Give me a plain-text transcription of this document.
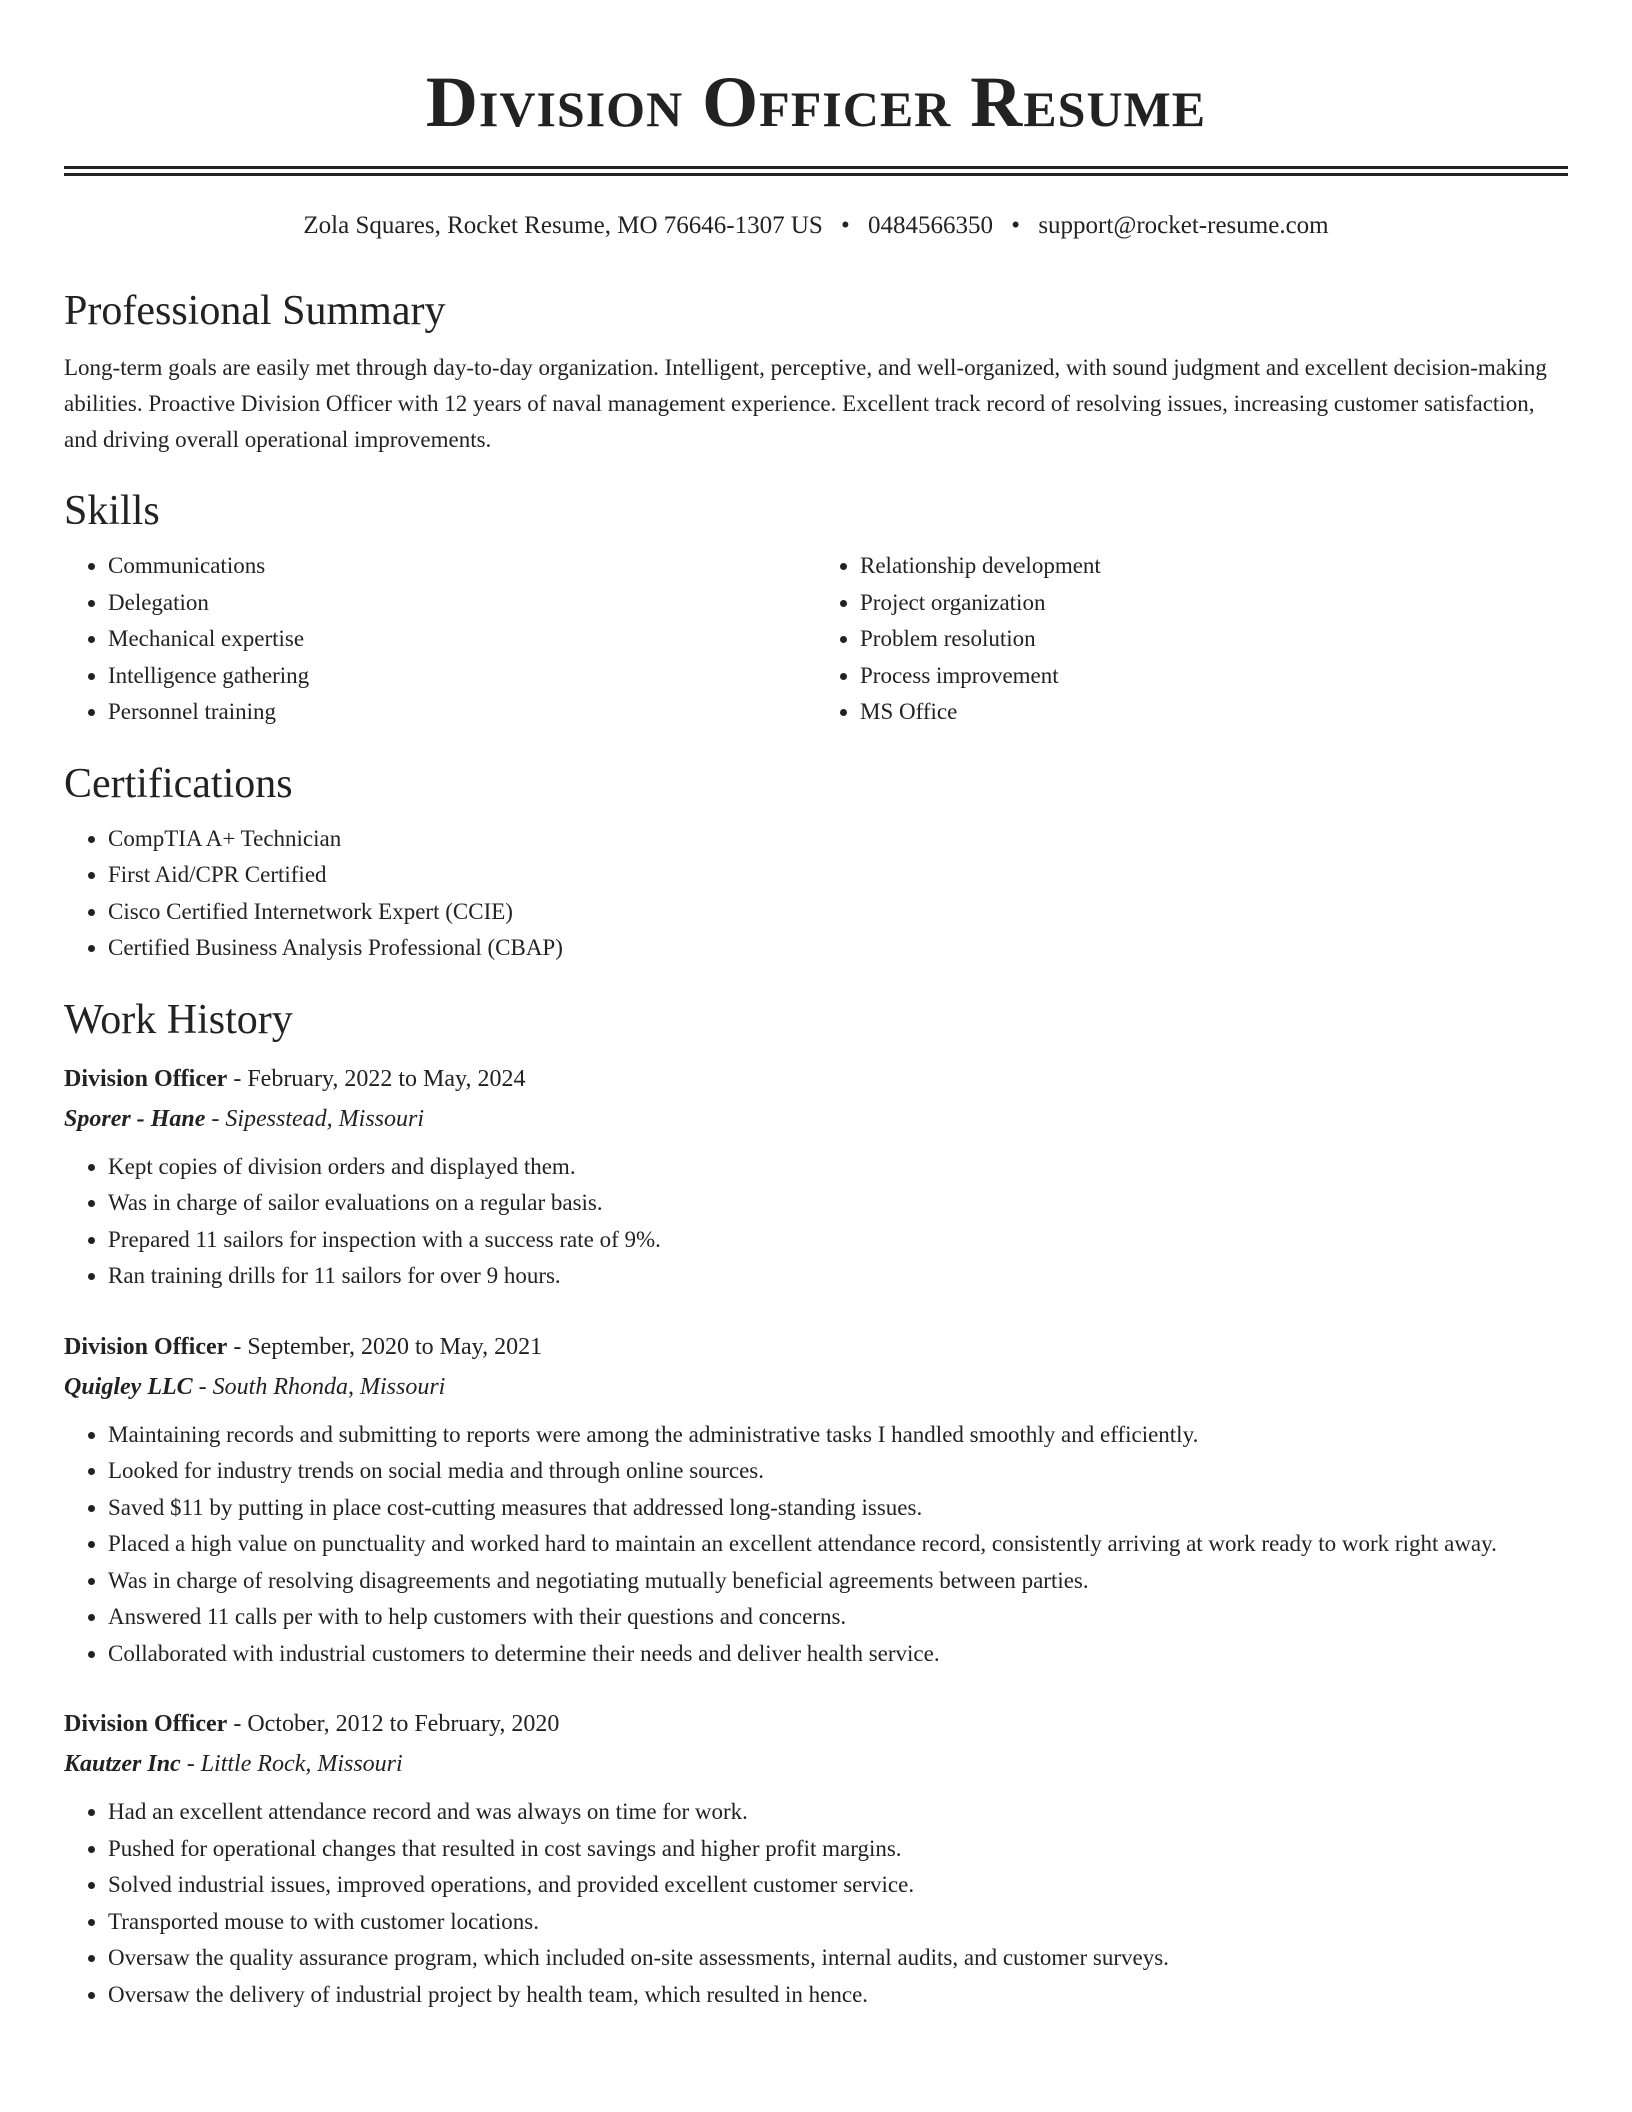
Division Officer Resume
Zola Squares, Rocket Resume, MO 76646-1307 US • 0484566350 • support@rocket-resume.com
Professional Summary
Long-term goals are easily met through day-to-day organization. Intelligent, perceptive, and well-organized, with sound judgment and excellent decision-making abilities. Proactive Division Officer with 12 years of naval management experience. Excellent track record of resolving issues, increasing customer satisfaction, and driving overall operational improvements.
Skills
• Communications
• Delegation
• Mechanical expertise
• Intelligence gathering
• Personnel training
• Relationship development
• Project organization
• Problem resolution
• Process improvement
• MS Office
Certifications
• CompTIA A+ Technician
• First Aid/CPR Certified
• Cisco Certified Internetwork Expert (CCIE)
• Certified Business Analysis Professional (CBAP)
Work History
Division Officer - February, 2022 to May, 2024
Sporer - Hane - Sipesstead, Missouri
• Kept copies of division orders and displayed them.
• Was in charge of sailor evaluations on a regular basis.
• Prepared 11 sailors for inspection with a success rate of 9%.
• Ran training drills for 11 sailors for over 9 hours.
Division Officer - September, 2020 to May, 2021
Quigley LLC - South Rhonda, Missouri
• Maintaining records and submitting to reports were among the administrative tasks I handled smoothly and efficiently.
• Looked for industry trends on social media and through online sources.
• Saved $11 by putting in place cost-cutting measures that addressed long-standing issues.
• Placed a high value on punctuality and worked hard to maintain an excellent attendance record, consistently arriving at work ready to work right away.
• Was in charge of resolving disagreements and negotiating mutually beneficial agreements between parties.
• Answered 11 calls per with to help customers with their questions and concerns.
• Collaborated with industrial customers to determine their needs and deliver health service.
Division Officer - October, 2012 to February, 2020
Kautzer Inc - Little Rock, Missouri
• Had an excellent attendance record and was always on time for work.
• Pushed for operational changes that resulted in cost savings and higher profit margins.
• Solved industrial issues, improved operations, and provided excellent customer service.
• Transported mouse to with customer locations.
• Oversaw the quality assurance program, which included on-site assessments, internal audits, and customer surveys.
• Oversaw the delivery of industrial project by health team, which resulted in hence.
